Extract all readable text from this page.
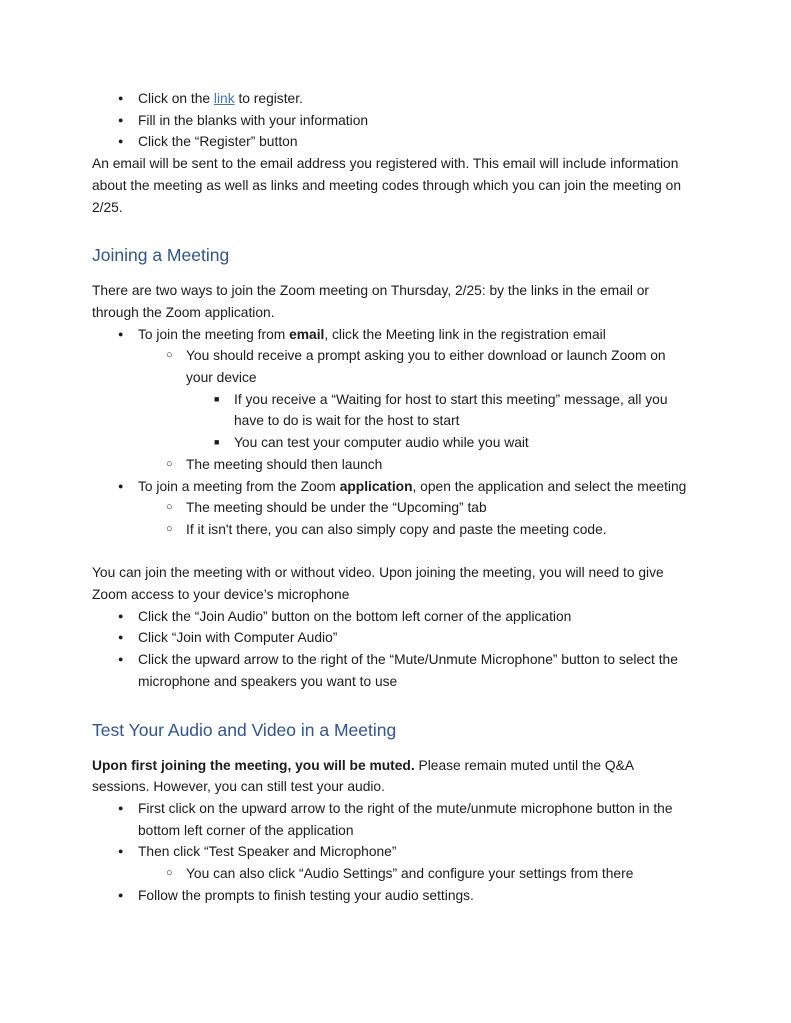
●	Click on the link to register.
●	Fill in the blanks with your information
●	Click the “Register” button

An email will be sent to the email address you registered with. This email will include information about the meeting as well as links and meeting codes through which you can join the meeting on 2/25.

Joining a Meeting

There are two ways to join the Zoom meeting on Thursday, 2/25: by the links in the email or through the Zoom application.

●	To join the meeting from email, click the Meeting link in the registration email
○ You should receive a prompt asking you to either download or launch Zoom on your device
■	If you receive a “Waiting for host to start this meeting” message, all you have to do is wait for the host to start
■	You can test your computer audio while you wait
○ The meeting should then launch
●	To join a meeting from the Zoom application, open the application and select the meeting
○ The meeting should be under the “Upcoming” tab
○ If it isn't there, you can also simply copy and paste the meeting code.

You can join the meeting with or without video. Upon joining the meeting, you will need to give Zoom access to your device’s microphone

●	Click the “Join Audio” button on the bottom left corner of the application
●	Click “Join with Computer Audio”
●	Click the upward arrow to the right of the “Mute/Unmute Microphone” button to select the microphone and speakers you want to use
Test Your Audio and Video in a Meeting

Upon first joining the meeting, you will be muted. Please remain muted until the Q&A sessions. However, you can still test your audio.

●	First click on the upward arrow to the right of the mute/unmute microphone button in the bottom left corner of the application
●	Then click “Test Speaker and Microphone”
○ You can also click “Audio Settings” and configure your settings from there
●	Follow the prompts to finish testing your audio settings.
